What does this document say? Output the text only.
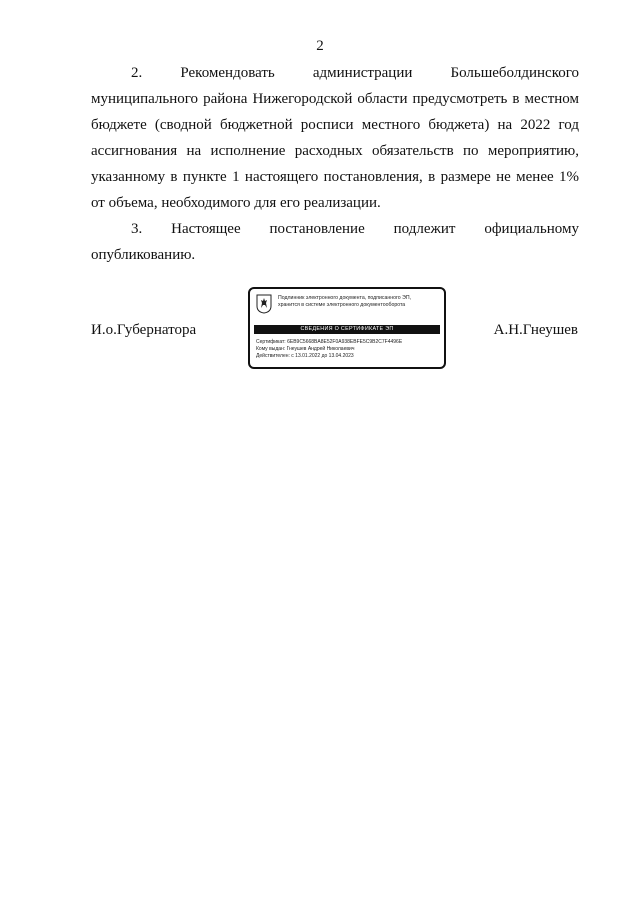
2

2. Рекомендовать администрации Большеболдинского муниципального района Нижегородской области предусмотреть в местном бюджете (сводной бюджетной росписи местного бюджета) на 2022 год ассигнования на исполнение расходных обязательств по мероприятию, указанному в пункте 1 настоящего постановления, в размере не менее 1% от объема, необходимого для его реализации.

3. Настоящее постановление подлежит официальному опубликованию.

И.о.Губернатора
Подлинник электронного документа, подписанного ЭП,
хранится в системе электронного документооборота
СВЕДЕНИЯ О СЕРТИФИКАТЕ ЭП
Сертификат: 6EB9C5668BA8E52F0A938EBFE5C9B2C7F4496E
Кому выдан: Гнеушев Андрей Николаевич
Действителен: с 13.01.2022 до 13.04.2023
А.Н.Гнеушев
